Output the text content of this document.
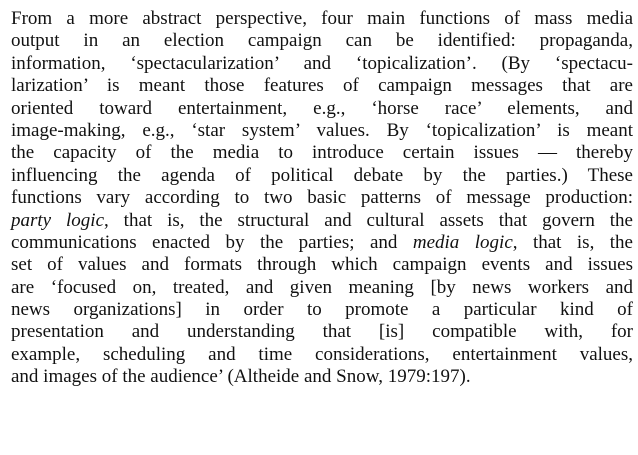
From a more abstract perspective, four main functions of mass media
output in an election campaign can be identified: propaganda,
information, ‘spectacularization’ and ‘topicalization’. (By ‘spectacu-
larization’ is meant those features of campaign messages that are
oriented toward entertainment, e.g., ‘horse race’ elements, and
image-making, e.g., ‘star system’ values. By ‘topicalization’ is meant
the capacity of the media to introduce certain issues — thereby
influencing the agenda of political debate by the parties.) These
functions vary according to two basic patterns of message production:
party logic, that is, the structural and cultural assets that govern the
communications enacted by the parties; and media logic, that is, the
set of values and formats through which campaign events and issues
are ‘focused on, treated, and given meaning [by news workers and
news organizations] in order to promote a particular kind of
presentation and understanding that [is] compatible with, for
example, scheduling and time considerations, entertainment values,
and images of the audience’ (Altheide and Snow, 1979:197).
